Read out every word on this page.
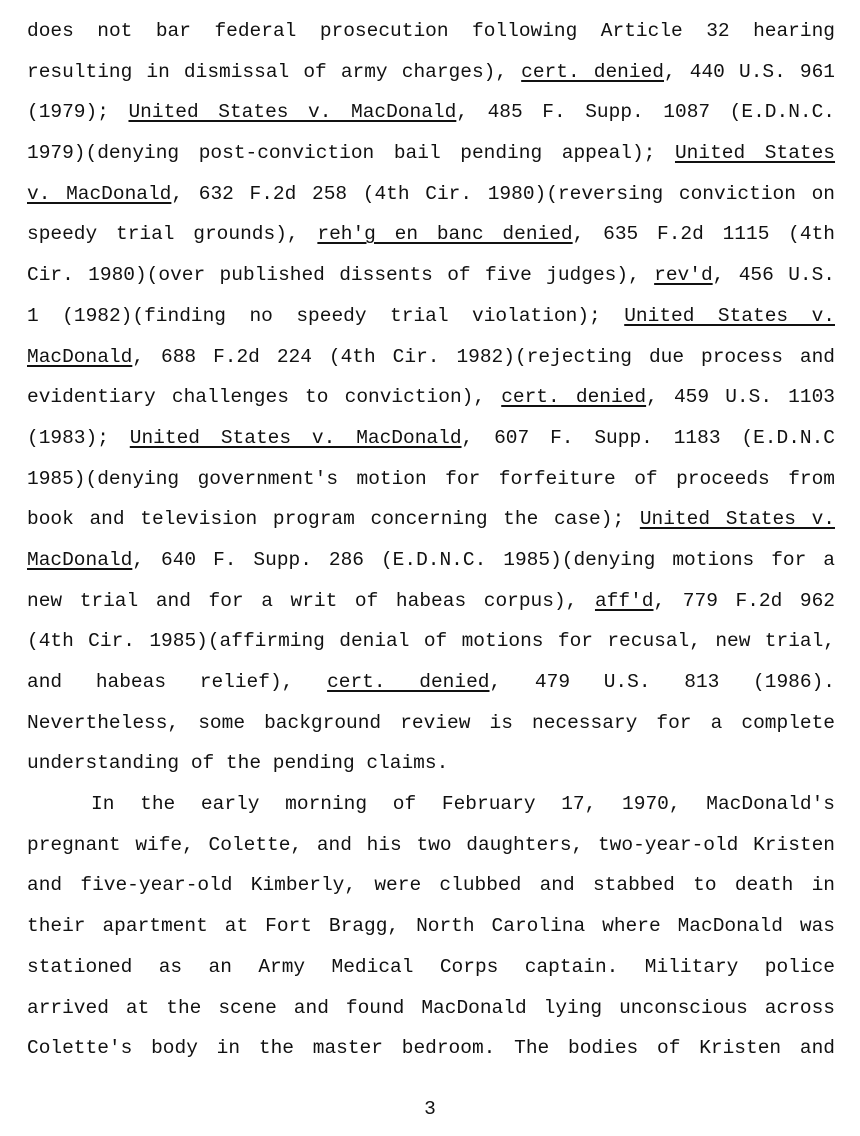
does not bar federal prosecution following Article 32 hearing
resulting in dismissal of army charges), cert. denied, 440 U.S. 961
(1979); United States v. MacDonald, 485 F. Supp. 1087 (E.D.N.C.
1979)(denying post-conviction bail pending appeal); United States
v. MacDonald, 632 F.2d 258 (4th Cir. 1980)(reversing conviction on
speedy trial grounds), reh'g en banc denied, 635 F.2d 1115 (4th
Cir. 1980)(over published dissents of five judges), rev'd, 456 U.S.
1 (1982)(finding no speedy trial violation); United States v.
MacDonald, 688 F.2d 224 (4th Cir. 1982)(rejecting due process and
evidentiary challenges to conviction), cert. denied, 459 U.S. 1103
(1983); United States v. MacDonald, 607 F. Supp. 1183 (E.D.N.C
1985)(denying government's motion for forfeiture of proceeds from
book and television program concerning the case); United States v.
MacDonald, 640 F. Supp. 286 (E.D.N.C. 1985)(denying motions for a
new trial and for a writ of habeas corpus), aff'd, 779 F.2d 962
(4th Cir. 1985)(affirming denial of motions for recusal, new trial,
and habeas relief), cert. denied, 479 U.S. 813 (1986).
Nevertheless, some background review is necessary for a complete
understanding of the pending claims.
In the early morning of February 17, 1970, MacDonald's
pregnant wife, Colette, and his two daughters, two-year-old Kristen
and five-year-old Kimberly, were clubbed and stabbed to death in
their apartment at Fort Bragg, North Carolina where MacDonald was
stationed as an Army Medical Corps captain. Military police
arrived at the scene and found MacDonald lying unconscious across
Colette's body in the master bedroom. The bodies of Kristen and
3
